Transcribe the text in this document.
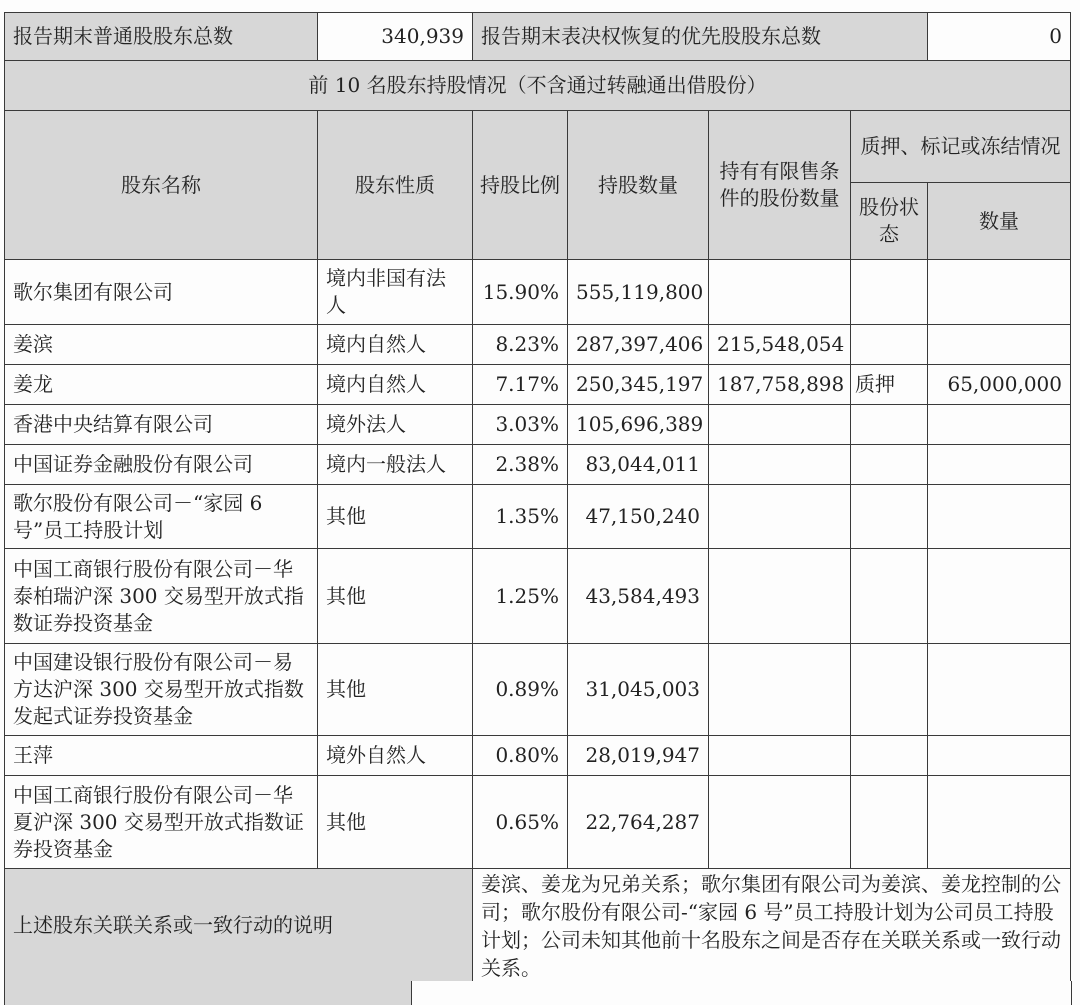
报告期末普通股股东总数	340,939	报告期末表决权恢复的优先股股东总数				0
前 10 名股东持股情况（不含通过转融通出借股份）						
股东名称	股东性质	持股比例	持股数量	持有有限售条件的股份数量	质押、标记或冻结情况	
					股份状态	数量
歌尔集团有限公司	境内非国有法人	15.90%	555,119,800			
姜滨	境内自然人	8.23%	287,397,406	215,548,054		
姜龙	境内自然人	7.17%	250,345,197	187,758,898	质押	65,000,000
香港中央结算有限公司	境外法人	3.03%	105,696,389			
中国证券金融股份有限公司	境内一般法人	2.38%	83,044,011			
歌尔股份有限公司－“家园 6 号”员工持股计划	其他	1.35%	47,150,240			
中国工商银行股份有限公司－华泰柏瑞沪深 300 交易型开放式指数证券投资基金	其他	1.25%	43,584,493			
中国建设银行股份有限公司－易方达沪深 300 交易型开放式指数发起式证券投资基金	其他	0.89%	31,045,003			
王萍	境外自然人	0.80%	28,019,947			
中国工商银行股份有限公司－华夏沪深 300 交易型开放式指数证券投资基金	其他	0.65%	22,764,287			
上述股东关联关系或一致行动的说明		姜滨、姜龙为兄弟关系；歌尔集团有限公司为姜滨、姜龙控制的公司；歌尔股份有限公司-“家园 6 号”员工持股计划为公司员工持股计划；公司未知其他前十名股东之间是否存在关联关系或一致行动关系。				
